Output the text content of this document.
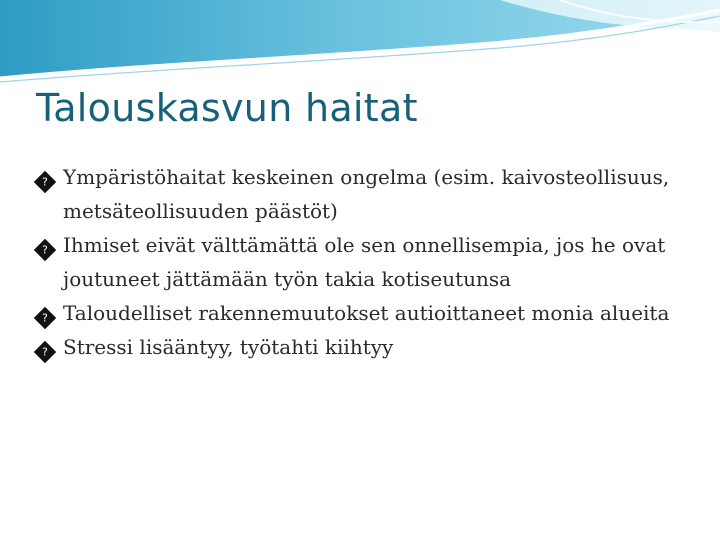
Talouskasvun haitat
? Ympäristöhaitat keskeinen ongelma (esim. kaivosteollisuus, metsäteollisuuden päästöt)
? Ihmiset eivät välttämättä ole sen onnellisempia, jos he ovat joutuneet jättämään työn takia kotiseutunsa
? Taloudelliset rakennemuutokset autioittaneet monia alueita
? Stressi lisääntyy, työtahti kiihtyy
